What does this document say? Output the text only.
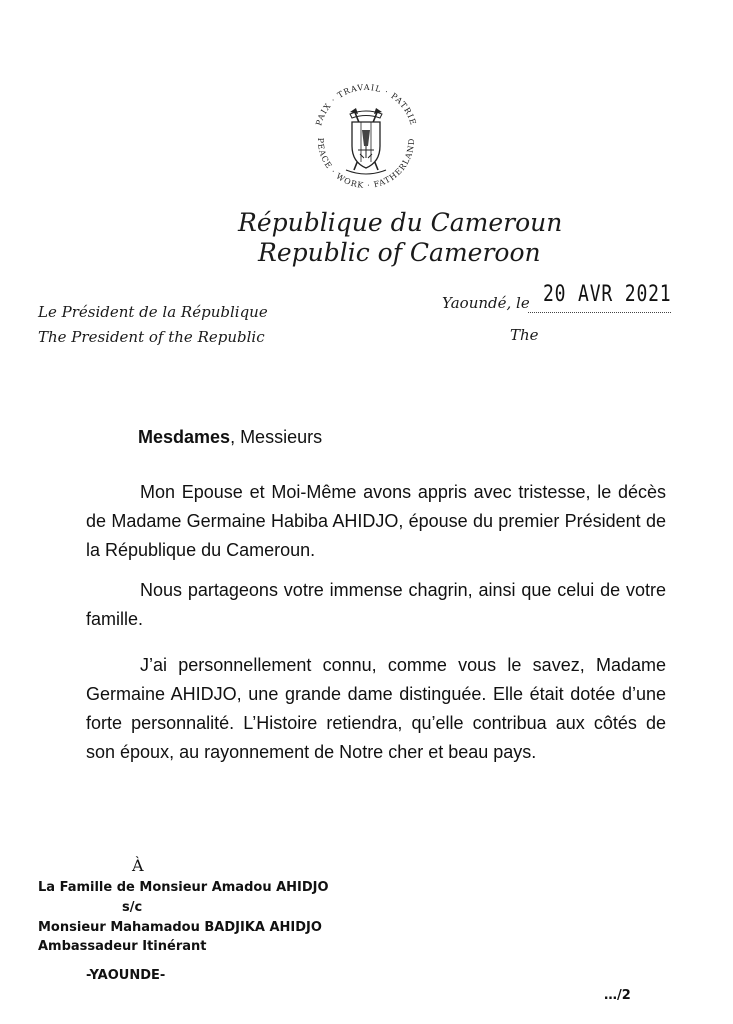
PAIX · TRAVAIL · PATRIE
PEACE · WORK · FATHERLAND
République du Cameroun
Republic of Cameroon
Le Président de la République
The President of the Republic
Yaoundé, le 20 AVR 2021
The
Mesdames, Messieurs
Mon Epouse et Moi-Même avons appris avec tristesse, le décès de Madame Germaine Habiba AHIDJO, épouse du premier Président de la République du Cameroun.
Nous partageons votre immense chagrin, ainsi que celui de votre famille.
J’ai personnellement connu, comme vous le savez, Madame Germaine AHIDJO, une grande dame distinguée. Elle était dotée d’une forte personnalité. L’Histoire retiendra, qu’elle contribua aux côtés de son époux, au rayonnement de Notre cher et beau pays.
À
La Famille de Monsieur Amadou AHIDJO
s/c
Monsieur Mahamadou BADJIKA AHIDJO
Ambassadeur Itinérant
-YAOUNDE-
…/2
